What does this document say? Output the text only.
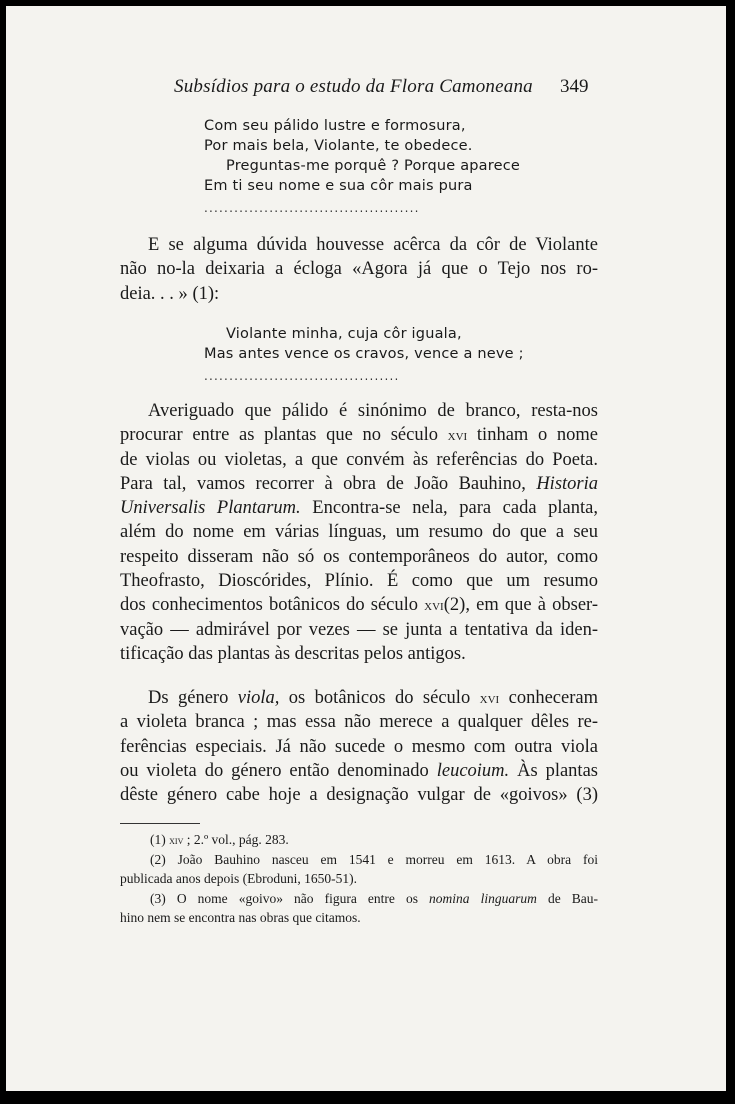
Subsídios para o estudo da Flora Camoneana 349
Com seu pálido lustre e formosura,
Por mais bela, Violante, te obedece.
Preguntas-me porquê ? Porque aparece
Em ti seu nome e sua côr mais pura
...........................................
E se alguma dúvida houvesse acêrca da côr de Violante
não no-la deixaria a écloga «Agora já que o Tejo nos ro-
deia. . . » (1):
Violante minha, cuja côr iguala,
Mas antes vence os cravos, vence a neve ;
.......................................
Averiguado que pálido é sinónimo de branco, resta-nos
procurar entre as plantas que no século xvi tinham o nome
de violas ou violetas, a que convém às referências do Poeta.
Para tal, vamos recorrer à obra de João Bauhino, Historia
Universalis Plantarum. Encontra-se nela, para cada planta,
além do nome em várias línguas, um resumo do que a seu
respeito disseram não só os contemporâneos do autor, como
Theofrasto, Dioscórides, Plínio. É como que um resumo
dos conhecimentos botânicos do século xvi(2), em que à obser-
vação — admirável por vezes — se junta a tentativa da iden-
tificação das plantas às descritas pelos antigos.
Ds género viola, os botânicos do século xvi conheceram
a violeta branca ; mas essa não merece a qualquer dêles re-
ferências especiais. Já não sucede o mesmo com outra viola
ou violeta do género então denominado leucoium. Às plantas
dêste género cabe hoje a designação vulgar de «goivos» (3)
(1) xiv ; 2.º vol., pág. 283.
(2) João Bauhino nasceu em 1541 e morreu em 1613. A obra foi
publicada anos depois (Ebroduni, 1650-51).
(3) O nome «goivo» não figura entre os nomina linguarum de Bau-
hino nem se encontra nas obras que citamos.
